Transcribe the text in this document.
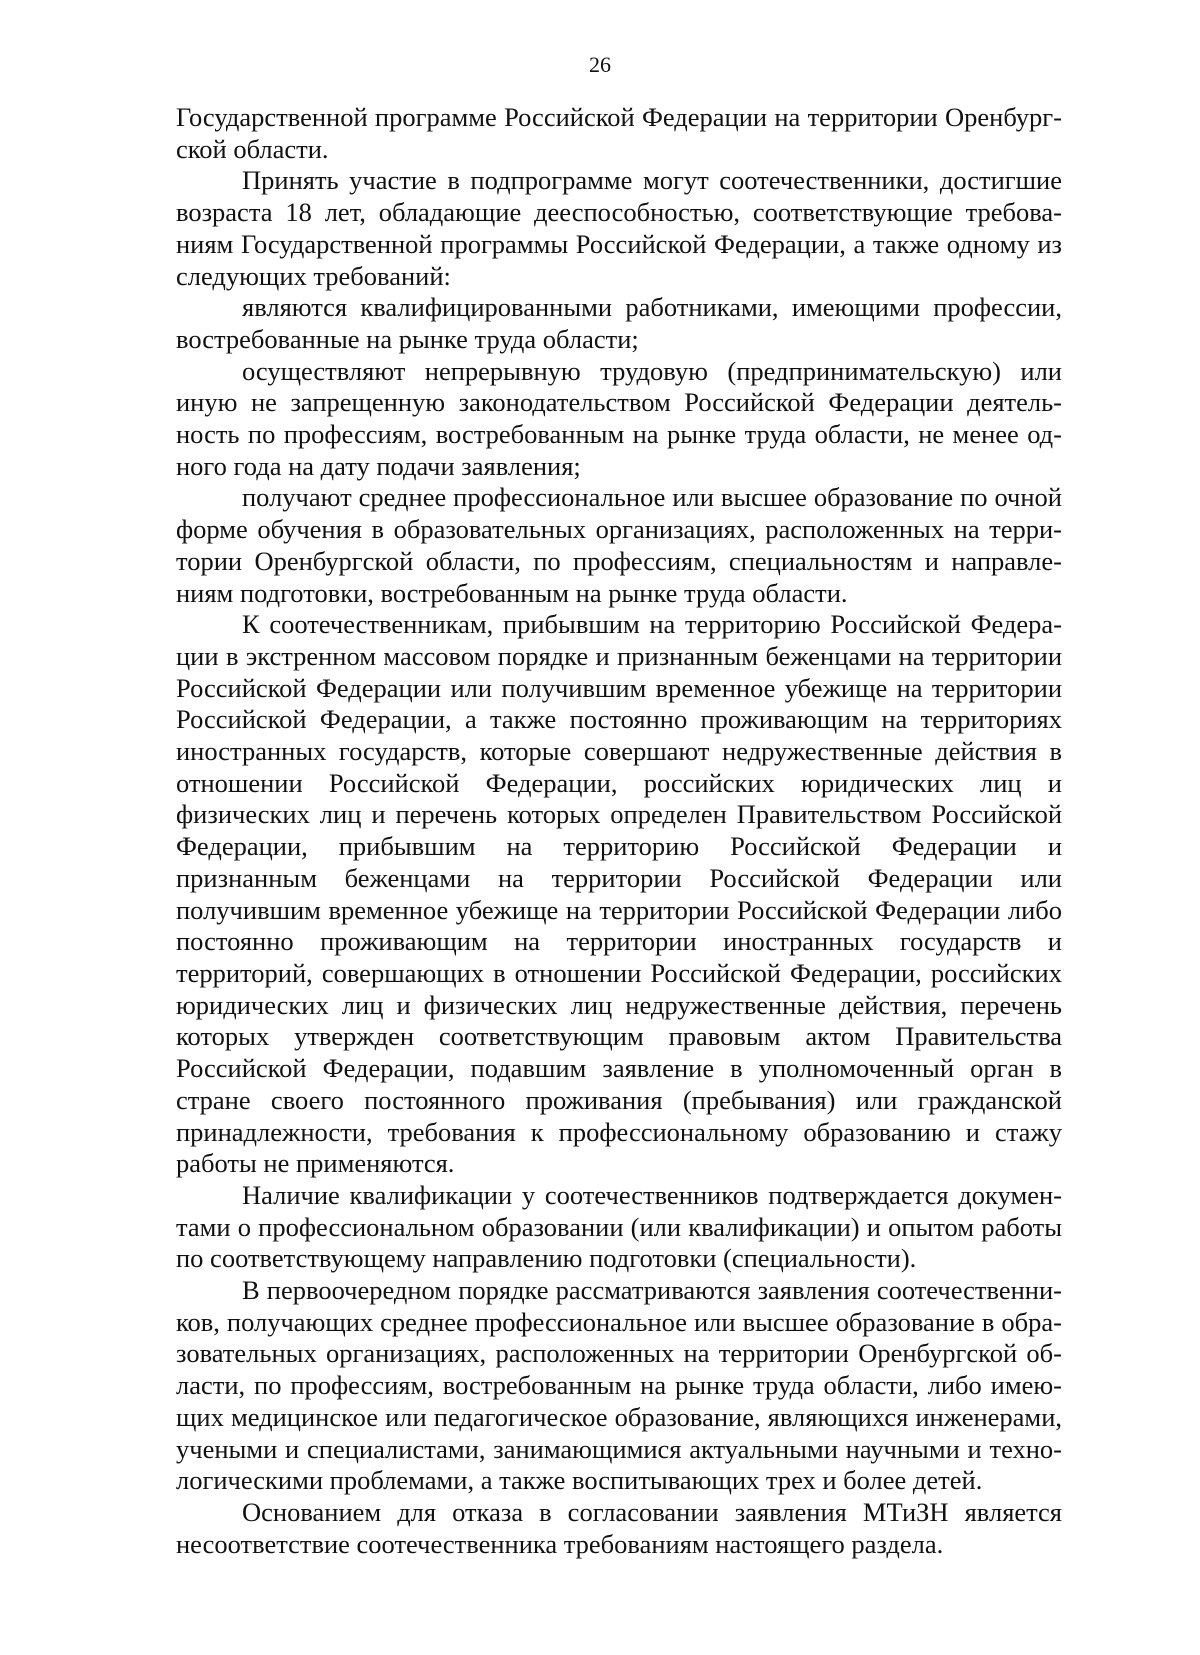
26

Государственной программе Российской Федерации на территории Оренбургской области.

Принять участие в подпрограмме могут соотечественники, достигшие возраста 18 лет, обладающие дееспособностью, соответствующие требованиям Государственной программы Российской Федерации, а также одному из следующих требований:

являются квалифицированными работниками, имеющими профессии, востребованные на рынке труда области;

осуществляют непрерывную трудовую (предпринимательскую) или иную не запрещенную законодательством Российской Федерации деятельность по профессиям, востребованным на рынке труда области, не менее одного года на дату подачи заявления;

получают среднее профессиональное или высшее образование по очной форме обучения в образовательных организациях, расположенных на территории Оренбургской области, по профессиям, специальностям и направлениям подготовки, востребованным на рынке труда области.

К соотечественникам, прибывшим на территорию Российской Федерации в экстренном массовом порядке и признанным беженцами на территории Российской Федерации или получившим временное убежище на территории Российской Федерации, а также постоянно проживающим на территориях иностранных государств, которые совершают недружественные действия в отношении Российской Федерации, российских юридических лиц и физических лиц и перечень которых определен Правительством Российской Федерации, прибывшим на территорию Российской Федерации и признанным беженцами на территории Российской Федерации или получившим временное убежище на территории Российской Федерации либо постоянно проживающим на территории иностранных государств и территорий, совершающих в отношении Российской Федерации, российских юридических лиц и физических лиц недружественные действия, перечень которых утвержден соответствующим правовым актом Правительства Российской Федерации, подавшим заявление в уполномоченный орган в стране своего постоянного проживания (пребывания) или гражданской принадлежности, требования к профессиональному образованию и стажу работы не применяются.

Наличие квалификации у соотечественников подтверждается документами о профессиональном образовании (или квалификации) и опытом работы по соответствующему направлению подготовки (специальности).

В первоочередном порядке рассматриваются заявления соотечественников, получающих среднее профессиональное или высшее образование в образовательных организациях, расположенных на территории Оренбургской области, по профессиям, востребованным на рынке труда области, либо имеющих медицинское или педагогическое образование, являющихся инженерами, учеными и специалистами, занимающимися актуальными научными и технологическими проблемами, а также воспитывающих трех и более детей.

Основанием для отказа в согласовании заявления МТиЗН является несоответствие соотечественника требованиям настоящего раздела.
